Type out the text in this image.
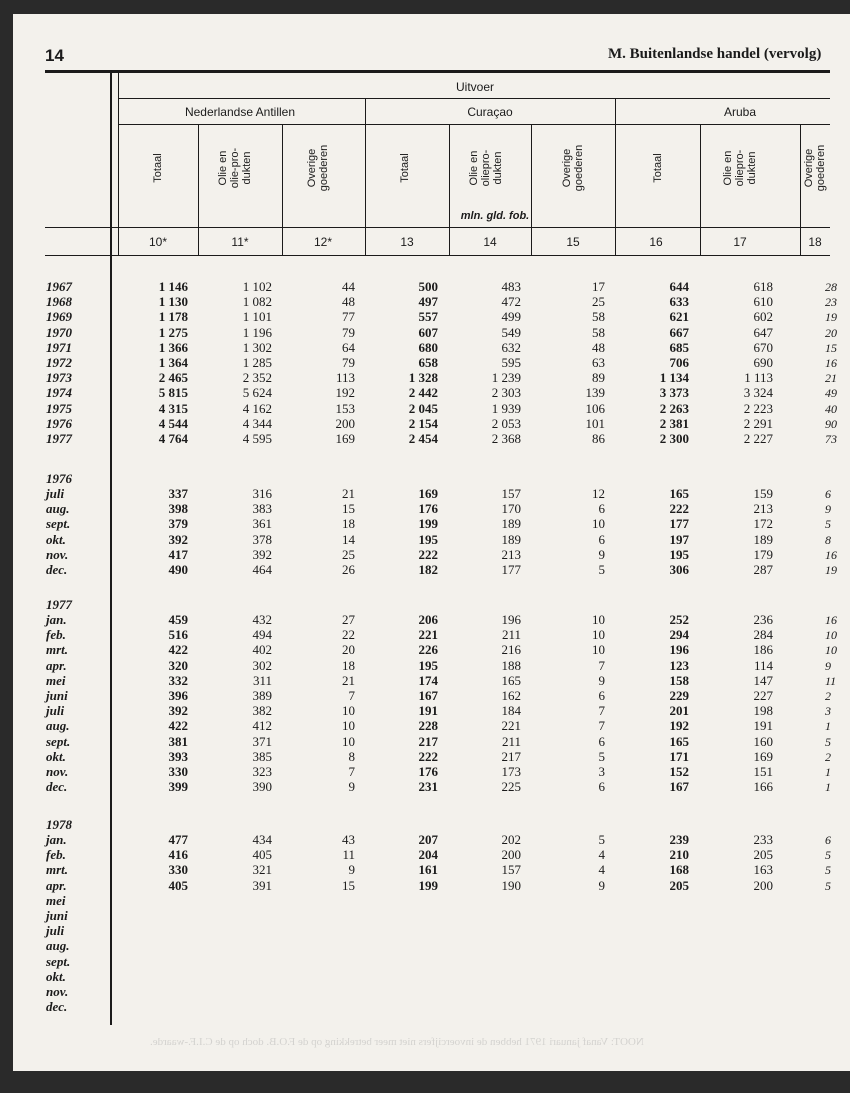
14	M. Buitenlandse handel (vervolg)
NOOT: Vanaf januari 1971 hebben de invoercijfers niet meer betrekking op de F.O.B. doch op de C.I.F.-waarde.
Uitvoer
Nederlandse Antillen	Curaçao	Aruba
mln. gld. fob.
Totaal	Olie en
olie-pro-
dukten	Overige
goederen	Totaal	Olie en
oliepro-
dukten	Overige
goederen	Totaal	Olie en
oliepro-
dukten	Overige
goederen
10*	11*	12*	13	14	15	16	17	18
1967	1 146	1 102	44	500	483	17	644	618	28
1968	1 130	1 082	48	497	472	25	633	610	23
1969	1 178	1 101	77	557	499	58	621	602	19
1970	1 275	1 196	79	607	549	58	667	647	20
1971	1 366	1 302	64	680	632	48	685	670	15
1972	1 364	1 285	79	658	595	63	706	690	16
1973	2 465	2 352	113	1 328	1 239	89	1 134	1 113	21
1974	5 815	5 624	192	2 442	2 303	139	3 373	3 324	49
1975	4 315	4 162	153	2 045	1 939	106	2 263	2 223	40
1976	4 544	4 344	200	2 154	2 053	101	2 381	2 291	90
1977	4 764	4 595	169	2 454	2 368	86	2 300	2 227	73
1976
juli	337	316	21	169	157	12	165	159	6
aug.	398	383	15	176	170	6	222	213	9
sept.	379	361	18	199	189	10	177	172	5
okt.	392	378	14	195	189	6	197	189	8
nov.	417	392	25	222	213	9	195	179	16
dec.	490	464	26	182	177	5	306	287	19
1977
jan.	459	432	27	206	196	10	252	236	16
feb.	516	494	22	221	211	10	294	284	10
mrt.	422	402	20	226	216	10	196	186	10
apr.	320	302	18	195	188	7	123	114	9
mei	332	311	21	174	165	9	158	147	11
juni	396	389	7	167	162	6	229	227	2
juli	392	382	10	191	184	7	201	198	3
aug.	422	412	10	228	221	7	192	191	1
sept.	381	371	10	217	211	6	165	160	5
okt.	393	385	8	222	217	5	171	169	2
nov.	330	323	7	176	173	3	152	151	1
dec.	399	390	9	231	225	6	167	166	1
1978
jan.	477	434	43	207	202	5	239	233	6
feb.	416	405	11	204	200	4	210	205	5
mrt.	330	321	9	161	157	4	168	163	5
apr.	405	391	15	199	190	9	205	200	5
mei
juni
juli
aug.
sept.
okt.
nov.
dec.
